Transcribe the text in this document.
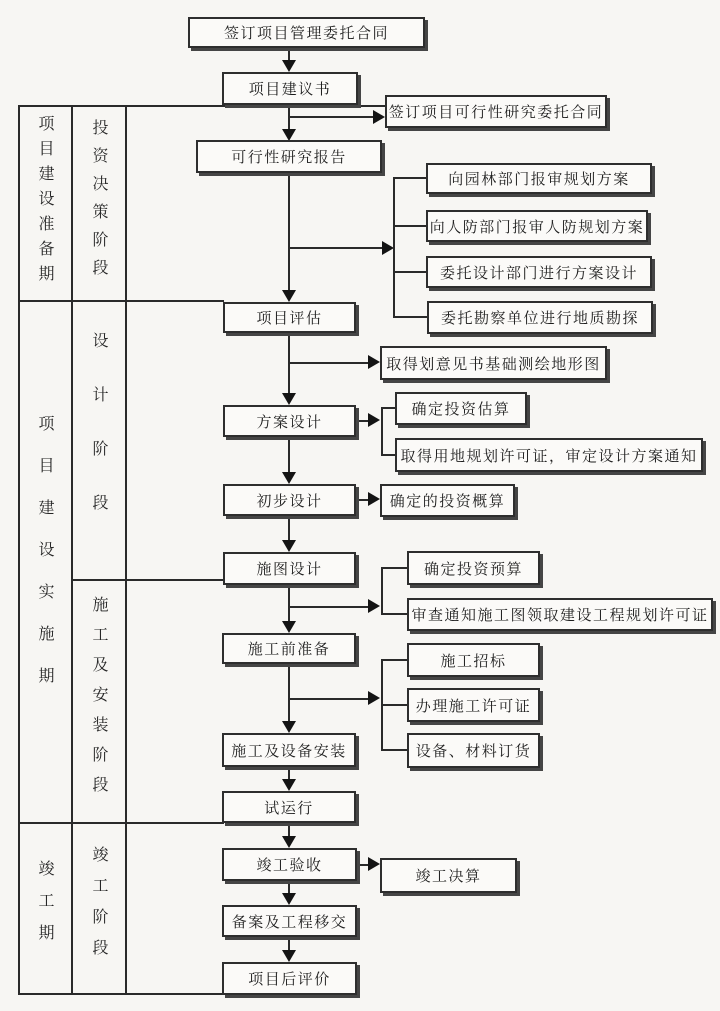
项目建设准备期
项目建设实施期
竣工期
投资决策阶段
设计阶段
施工及安装阶段
竣工阶段
签订项目管理委托合同
项目建议书
可行性研究报告
项目评估
方案设计
初步设计
施图设计
施工前准备
施工及设备安装
试运行
竣工验收
备案及工程移交
项目后评价
签订项目可行性研究委托合同
向园林部门报审规划方案
向人防部门报审人防规划方案
委托设计部门进行方案设计
委托勘察单位进行地质勘探
取得划意见书基础测绘地形图
确定投资估算
取得用地规划许可证，审定设计方案通知
确定的投资概算
确定投资预算
审查通知施工图领取建设工程规划许可证
施工招标
办理施工许可证
设备、材料订货
竣工决算
